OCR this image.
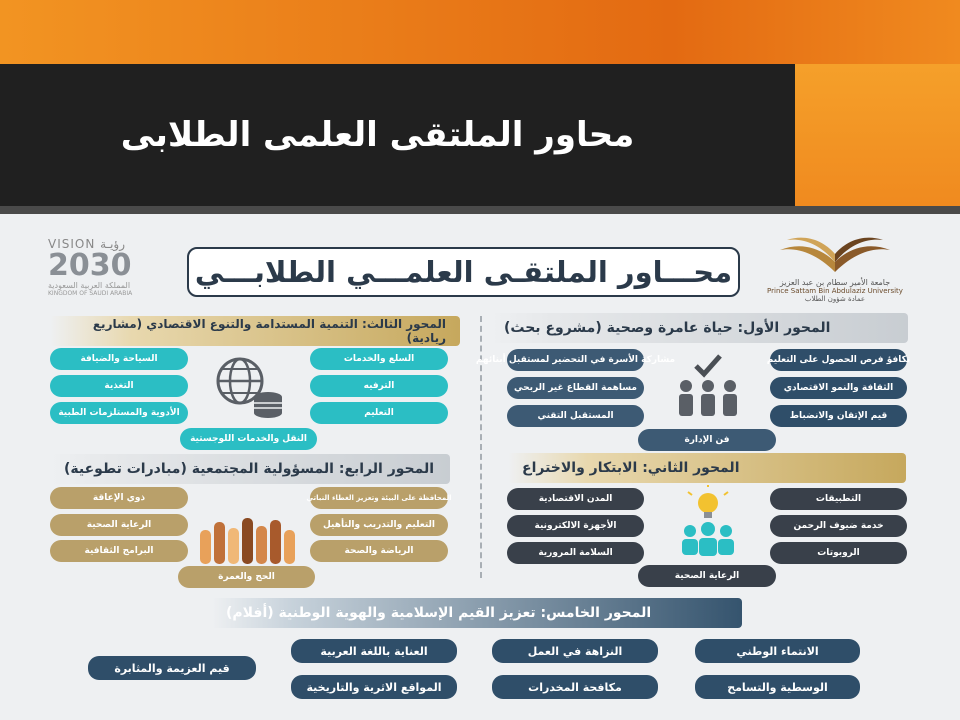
محاور الملتقى العلمى الطلابى
VISION رؤيـة
2030
المملكة العربية السعودية
KINGDOM OF SAUDI ARABIA
جامعة الأمير سطام بن عبد العزيز
Prince Sattam Bin Abdulaziz University
عمادة شؤون الطلاب
محـــاور الملتقـى العلمـــي الطلابـــي
المحور الأول: حياة عامرة وصحية (مشروع بحث)
تكافؤ فرص الحصول على التعليم
الثقافة والنمو الاقتصادي
قيم الإتقان والانضباط
مشاركة الأسرة في التحضير لمستقبل أبنائهم
مساهمة القطاع غير الربحي
المستقبل التقني
فن الإدارة
المحور الثاني: الابتكار والاختراع
التطبيقات
خدمة ضيوف الرحمن
الروبوتات
المدن الاقتصادية
الأجهزة الالكترونية
السلامة المرورية
الرعاية الصحية
المحور الثالث: التنمية المستدامة والتنوع الاقتصادي (مشاريع ريادية)
السلع والخدمات
الترفيه
التعليم
السياحة والضيافة
التغذية
الأدوية والمستلزمات الطبية
النقل والخدمات اللوجستية
المحور الرابع: المسؤولية المجتمعية (مبادرات تطوعية)
المحافظة على البيئة وتعزيز الغطاء النباتي
التعليم والتدريب والتأهيل
الرياضة والصحة
ذوي الإعاقة
الرعاية الصحية
البرامج الثقافية
الحج والعمرة
المحور الخامس: تعزيز القيم الإسلامية والهوية الوطنية (أفلام)
الانتماء الوطني
الوسطية والتسامح
النزاهة في العمل
مكافحة المخدرات
العناية باللغة العربية
المواقع الاثرية والتاريخية
قيم العزيمة والمثابرة
